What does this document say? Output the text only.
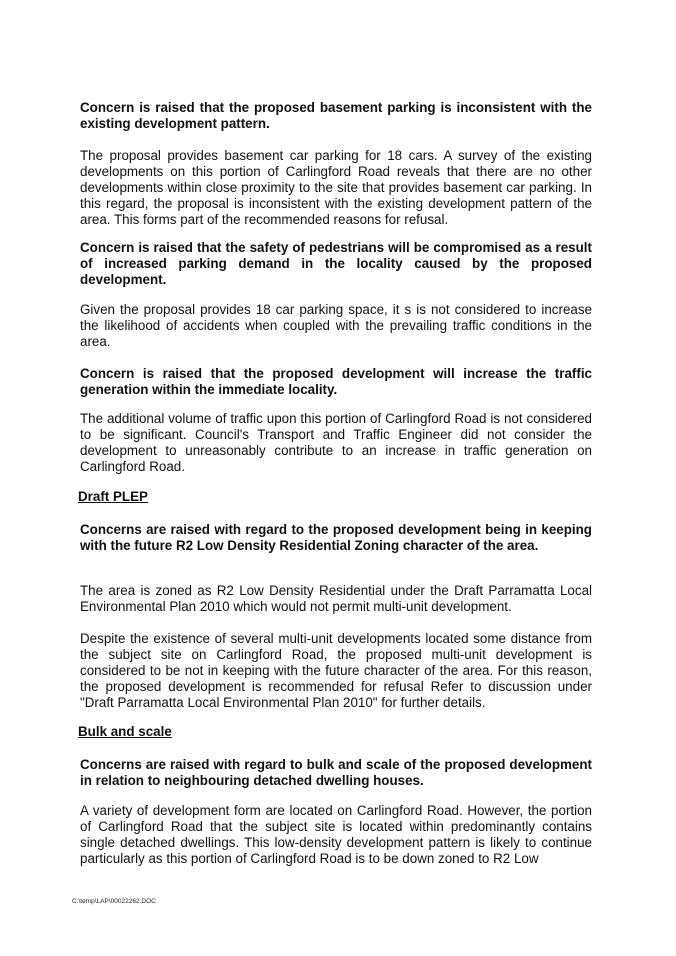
Concern is raised that the proposed basement parking is inconsistent with the existing development pattern.

The proposal provides basement car parking for 18 cars. A survey of the existing developments on this portion of Carlingford Road reveals that there are no other developments within close proximity to the site that provides basement car parking. In this regard, the proposal is inconsistent with the existing development pattern of the area. This forms part of the recommended reasons for refusal.

Concern is raised that the safety of pedestrians will be compromised as a result of increased parking demand in the locality caused by the proposed development.

Given the proposal provides 18 car parking space, it s is not considered to increase the likelihood of accidents when coupled with the prevailing traffic conditions in the area.

Concern is raised that the proposed development will increase the traffic generation within the immediate locality.

The additional volume of traffic upon this portion of Carlingford Road is not considered to be significant. Council's Transport and Traffic Engineer did not consider the development to unreasonably contribute to an increase in traffic generation on Carlingford Road.

Draft PLEP

Concerns are raised with regard to the proposed development being in keeping with the future R2 Low Density Residential Zoning character of the area.

The area is zoned as R2 Low Density Residential under the Draft Parramatta Local Environmental Plan 2010 which would not permit multi-unit development.

Despite the existence of several multi-unit developments located some distance from the subject site on Carlingford Road, the proposed multi-unit development is considered to be not in keeping with the future character of the area. For this reason, the proposed development is recommended for refusal Refer to discussion under "Draft Parramatta Local Environmental Plan 2010" for further details.

Bulk and scale

Concerns are raised with regard to bulk and scale of the proposed development in relation to neighbouring detached dwelling houses.

A variety of development form are located on Carlingford Road. However, the portion of Carlingford Road that the subject site is located within predominantly contains single detached dwellings. This low-density development pattern is likely to continue particularly as this portion of Carlingford Road is to be down zoned to R2 Low

C:\temp\LAP\00022262.DOC
